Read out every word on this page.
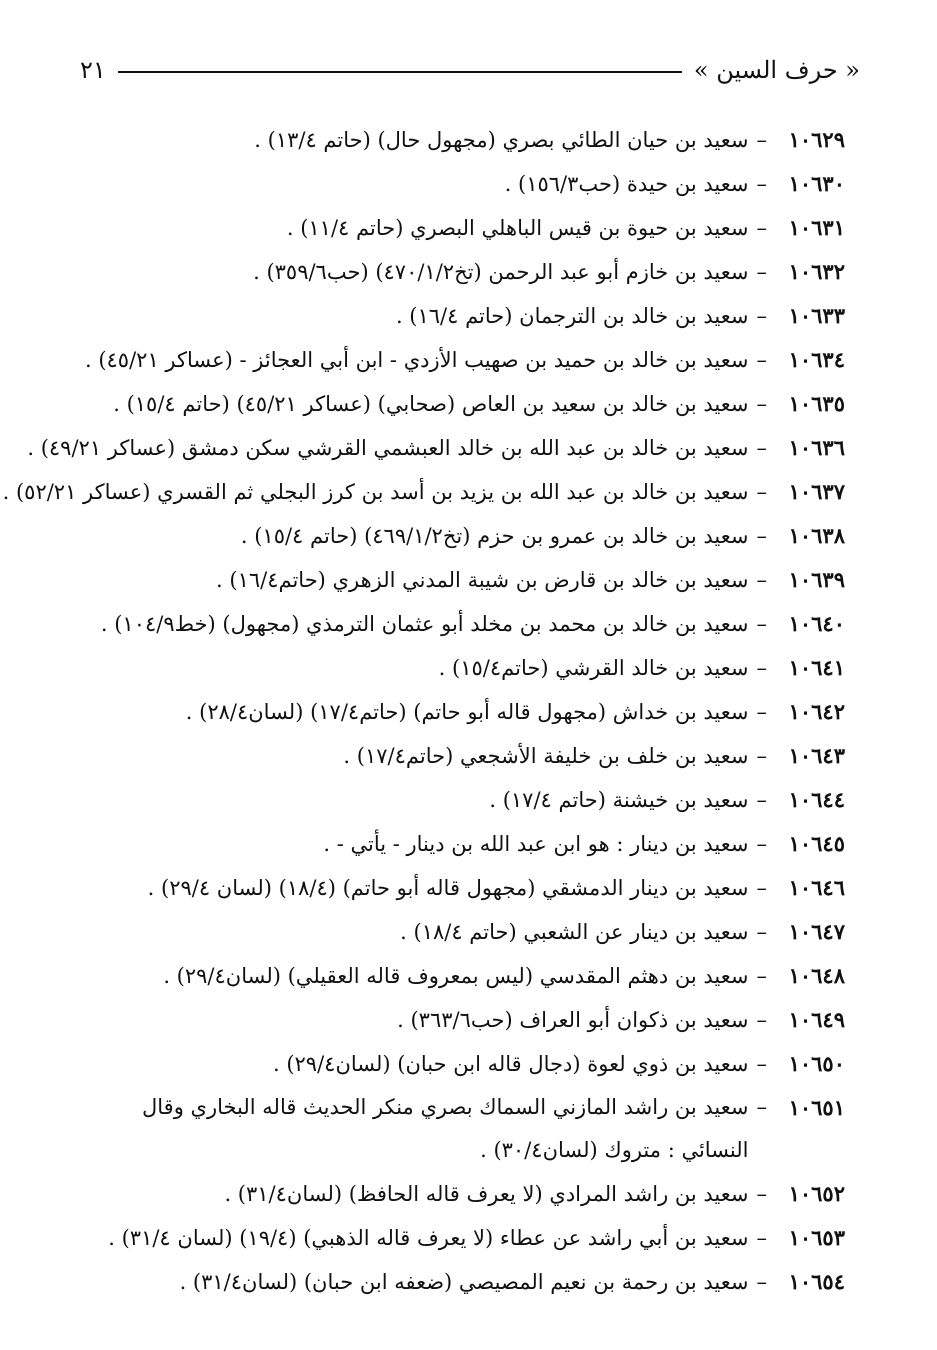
« حرف السين »
٢١
١٠٦٢٩
–
سعيد بن حيان الطائي بصري (مجهول حال) (حاتم ١٣/٤) .
١٠٦٣٠
–
سعيد بن حيدة (حب١٥٦/٣) .
١٠٦٣١
–
سعيد بن حيوة بن قيس الباهلي البصري (حاتم ١١/٤) .
١٠٦٣٢
–
سعيد بن خازم أبو عبد الرحمن (تخ٤٧٠/١/٢) (حب٣٥٩/٦) .
١٠٦٣٣
–
سعيد بن خالد بن الترجمان (حاتم ١٦/٤) .
١٠٦٣٤
–
سعيد بن خالد بن حميد بن صهيب الأزدي - ابن أبي العجائز - (عساكر ٤٥/٢١) .
١٠٦٣٥
–
سعيد بن خالد بن سعيد بن العاص (صحابي) (عساكر ٤٥/٢١) (حاتم ١٥/٤) .
١٠٦٣٦
–
سعيد بن خالد بن عبد الله بن خالد العبشمي القرشي سكن دمشق (عساكر ٤٩/٢١) .
١٠٦٣٧
–
سعيد بن خالد بن عبد الله بن يزيد بن أسد بن كرز البجلي ثم القسري (عساكر ٥٢/٢١) .
١٠٦٣٨
–
سعيد بن خالد بن عمرو بن حزم (تخ٤٦٩/١/٢) (حاتم ١٥/٤) .
١٠٦٣٩
–
سعيد بن خالد بن قارض بن شيبة المدني الزهري (حاتم١٦/٤) .
١٠٦٤٠
–
سعيد بن خالد بن محمد بن مخلد أبو عثمان الترمذي (مجهول) (خط١٠٤/٩) .
١٠٦٤١
–
سعيد بن خالد القرشي (حاتم١٥/٤) .
١٠٦٤٢
–
سعيد بن خداش (مجهول قاله أبو حاتم) (حاتم١٧/٤) (لسان٢٨/٤) .
١٠٦٤٣
–
سعيد بن خلف بن خليفة الأشجعي (حاتم١٧/٤) .
١٠٦٤٤
–
سعيد بن خيشنة (حاتم ١٧/٤) .
١٠٦٤٥
–
سعيد بن دينار : هو ابن عبد الله بن دينار - يأتي - .
١٠٦٤٦
–
سعيد بن دينار الدمشقي (مجهول قاله أبو حاتم) (١٨/٤) (لسان ٢٩/٤) .
١٠٦٤٧
–
سعيد بن دينار عن الشعبي (حاتم ١٨/٤) .
١٠٦٤٨
–
سعيد بن دهثم المقدسي (ليس بمعروف قاله العقيلي) (لسان٢٩/٤) .
١٠٦٤٩
–
سعيد بن ذكوان أبو العراف (حب٣٦٣/٦) .
١٠٦٥٠
–
سعيد بن ذوي لعوة (دجال قاله ابن حبان) (لسان٢٩/٤) .
١٠٦٥١
–
سعيد بن راشد المازني السماك بصري منكر الحديث قاله البخاري وقال النسائي : متروك (لسان٣٠/٤) .
١٠٦٥٢
–
سعيد بن راشد المرادي (لا يعرف قاله الحافظ) (لسان٣١/٤) .
١٠٦٥٣
–
سعيد بن أبي راشد عن عطاء (لا يعرف قاله الذهبي) (١٩/٤) (لسان ٣١/٤) .
١٠٦٥٤
–
سعيد بن رحمة بن نعيم المصيصي (ضعفه ابن حبان) (لسان٣١/٤) .
